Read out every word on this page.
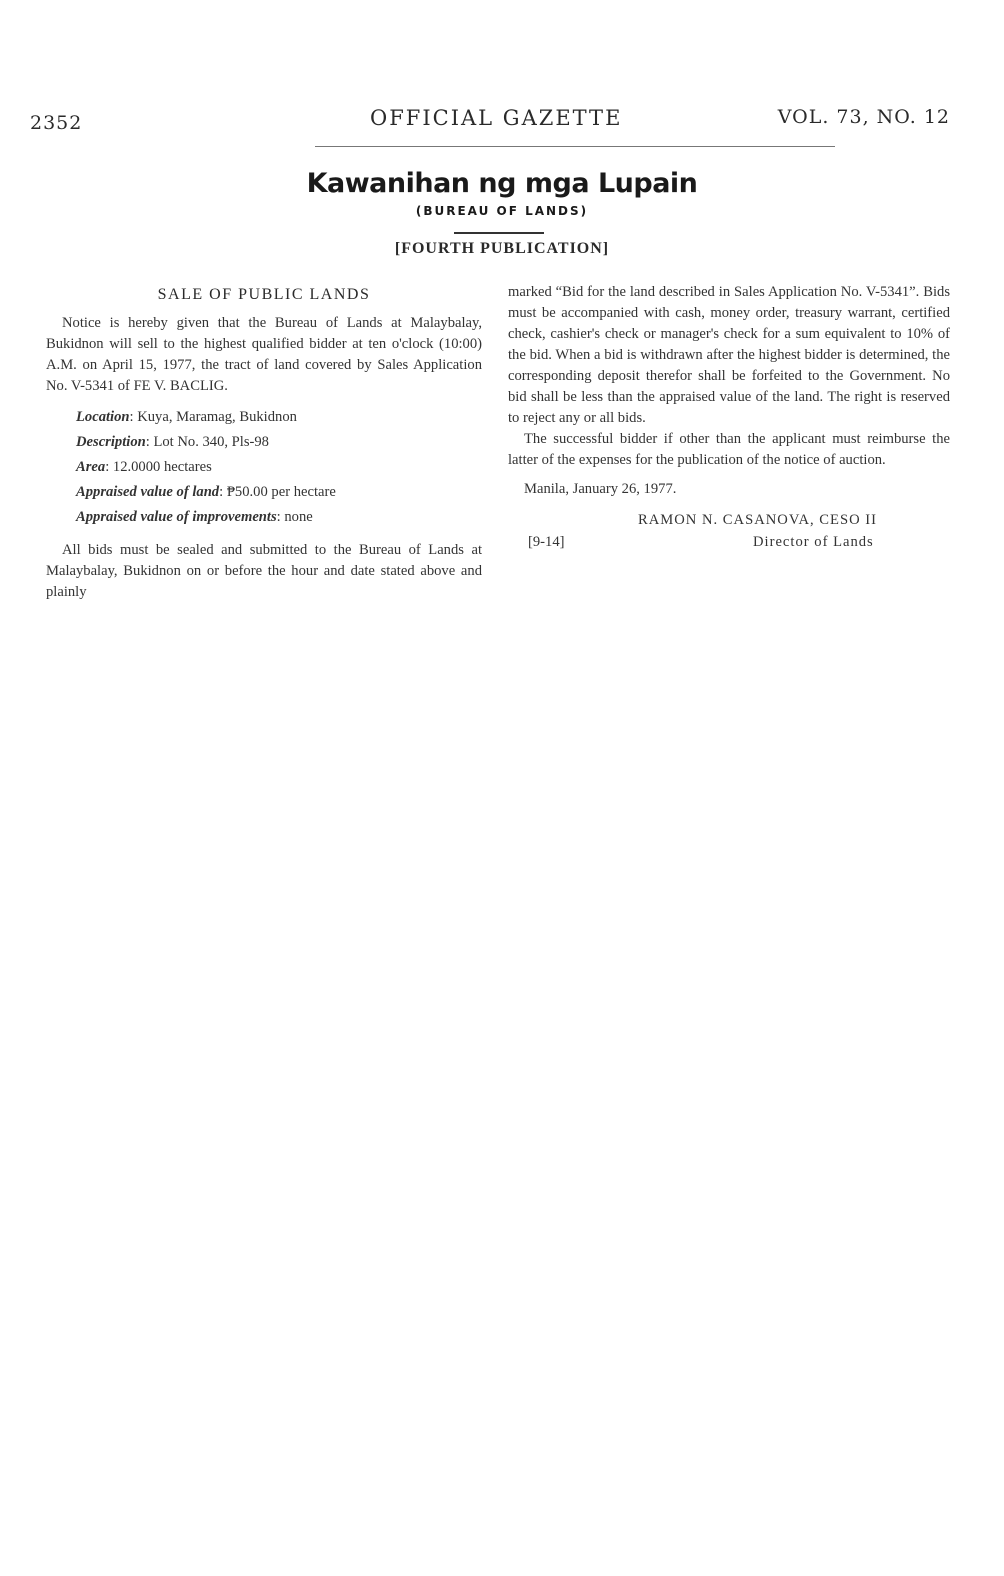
2352	OFFICIAL GAZETTE	VOL. 73, NO. 12
Kawanihan ng mga Lupain
(BUREAU OF LANDS)
[FOURTH PUBLICATION]
SALE OF PUBLIC LANDS

Notice is hereby given that the Bureau of Lands at Malaybalay, Bukidnon will sell to the highest qualified bidder at ten o'clock (10:00) A.M. on April 15, 1977, the tract of land covered by Sales Application No. V-5341 of FE V. BACLIG.

Location: Kuya, Maramag, Bukidnon
Description: Lot No. 340, Pls-98
Area: 12.0000 hectares
Appraised value of land: ₱50.00 per hectare
Appraised value of improvements: none

All bids must be sealed and submitted to the Bureau of Lands at Malaybalay, Bukidnon on or before the hour and date stated above and plainly

marked “Bid for the land described in Sales Application No. V-5341”. Bids must be accompanied with cash, money order, treasury warrant, certified check, cashier's check or manager's check for a sum equivalent to 10% of the bid. When a bid is withdrawn after the highest bidder is determined, the corresponding deposit therefor shall be forfeited to the Government. No bid shall be less than the appraised value of the land. The right is reserved to reject any or all bids.

The successful bidder if other than the applicant must reimburse the latter of the expenses for the publication of the notice of auction.

Manila, January 26, 1977.

RAMON N. CASANOVA, CESO II
[9-14]	Director of Lands
